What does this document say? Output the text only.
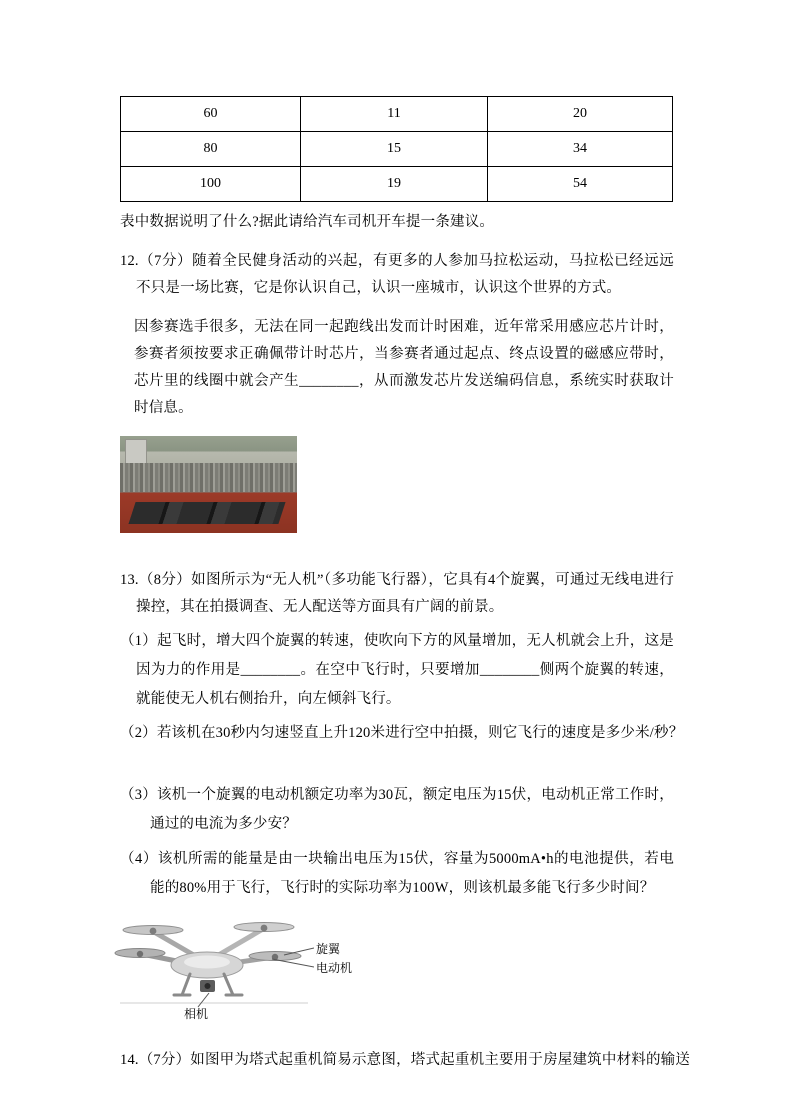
60	11	20
80	15	34
100	19	54

表中数据说明了什么?据此请给汽车司机开车提一条建议。

12.（7分）随着全民健身活动的兴起，有更多的人参加马拉松运动，马拉松已经远远不只是一场比赛，它是你认识自己，认识一座城市，认识这个世界的方式。

因参赛选手很多，无法在同一起跑线出发而计时困难，近年常采用感应芯片计时，参赛者须按要求正确佩带计时芯片，当参赛者通过起点、终点设置的磁感应带时，芯片里的线圈中就会产生________，从而激发芯片发送编码信息，系统实时获取计时信息。

13.（8分）如图所示为“无人机”（多功能飞行器），它具有4个旋翼，可通过无线电进行操控，其在拍摄调查、无人配送等方面具有广阔的前景。

（1）起飞时，增大四个旋翼的转速，使吹向下方的风量增加，无人机就会上升，这是因为力的作用是________。在空中飞行时，只要增加________侧两个旋翼的转速，就能使无人机右侧抬升，向左倾斜飞行。

（2）若该机在30秒内匀速竖直上升120米进行空中拍摄，则它飞行的速度是多少米/秒？

（3）该机一个旋翼的电动机额定功率为30瓦，额定电压为15伏，电动机正常工作时，通过的电流为多少安？

（4）该机所需的能量是由一块输出电压为15伏，容量为5000mA•h的电池提供，若电能的80%用于飞行，飞行时的实际功率为100W，则该机最多能飞行多少时间？

旋翼
电动机
相机

14.（7分）如图甲为塔式起重机简易示意图，塔式起重机主要用于房屋建筑中材料的输送
